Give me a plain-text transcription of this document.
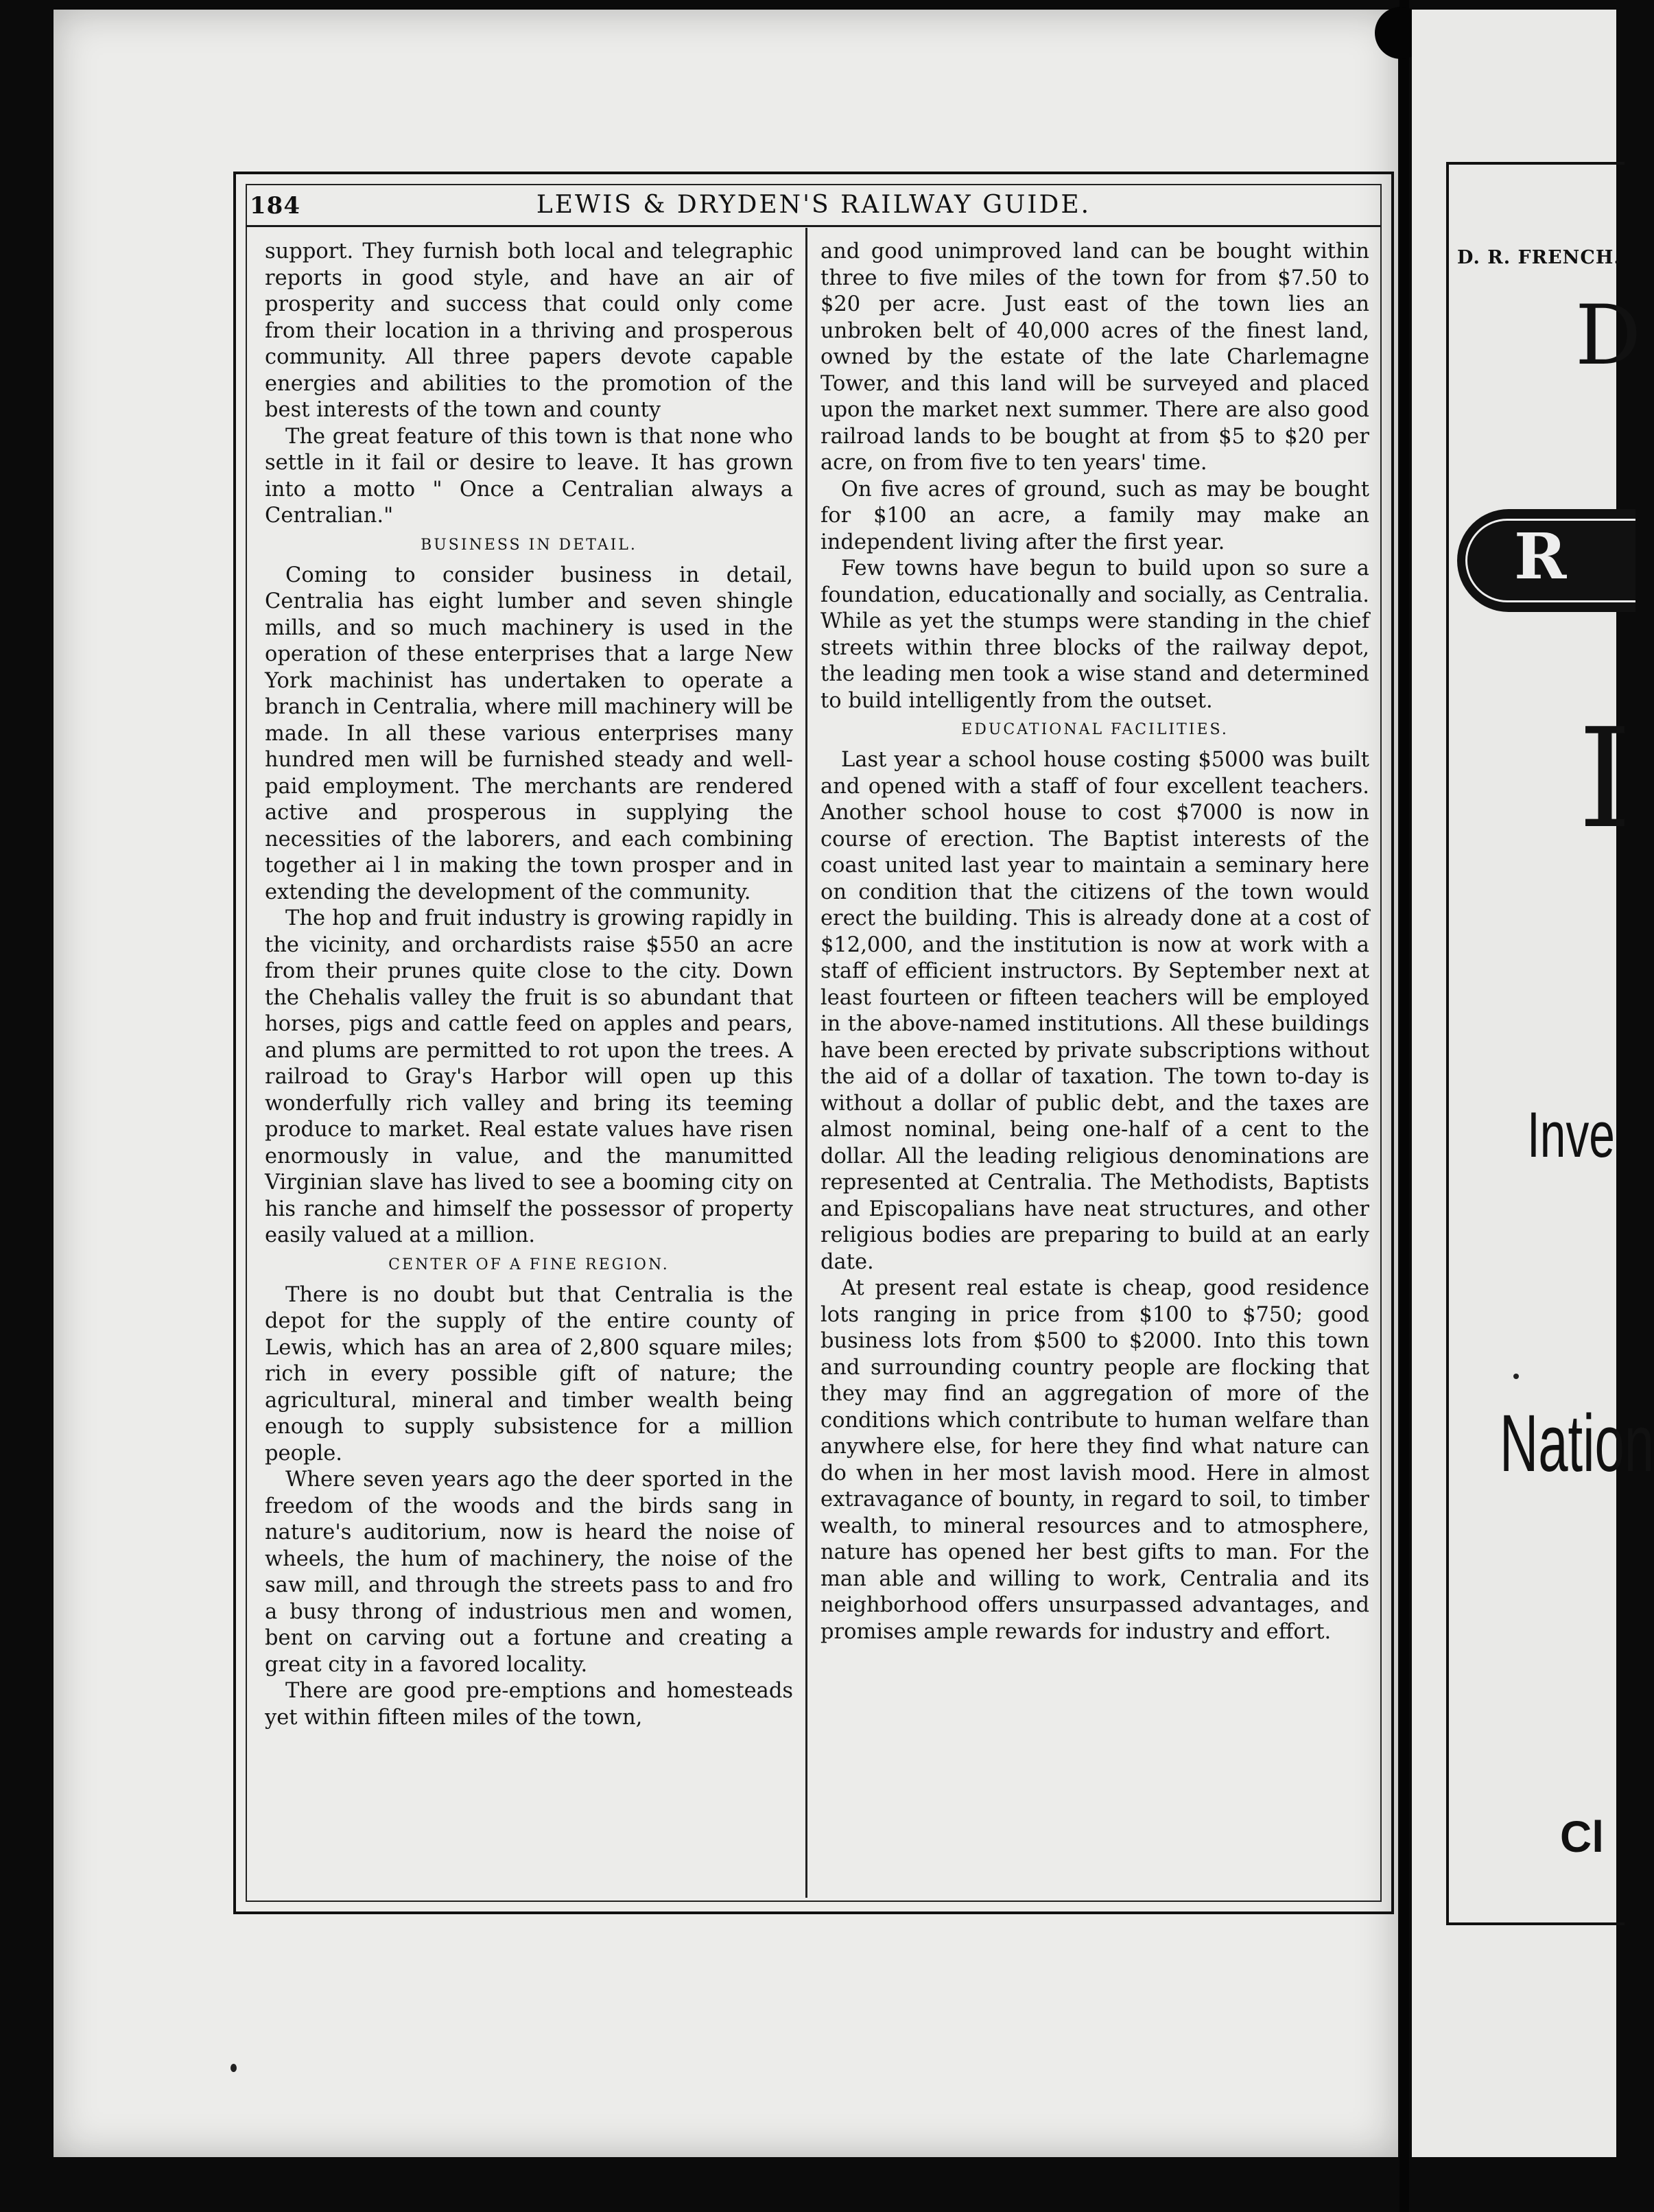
184	LEWIS & DRYDEN'S RAILWAY GUIDE.

support. They furnish both local and telegraphic reports in good style, and have an air of prosperity and success that could only come from their location in a thriving and prosperous community. All three papers devote capable energies and abilities to the promotion of the best interests of the town and county

The great feature of this town is that none who settle in it fail or desire to leave. It has grown into a motto " Once a Centralian always a Centralian."

BUSINESS IN DETAIL.

Coming to consider business in detail, Centralia has eight lumber and seven shingle mills, and so much machinery is used in the operation of these enterprises that a large New York machinist has undertaken to operate a branch in Centralia, where mill machinery will be made. In all these various enterprises many hundred men will be furnished steady and well-paid employment. The merchants are rendered active and prosperous in supplying the necessities of the laborers, and each combining together ai l in making the town prosper and in extending the development of the community.

The hop and fruit industry is growing rapidly in the vicinity, and orchardists raise $550 an acre from their prunes quite close to the city. Down the Chehalis valley the fruit is so abundant that horses, pigs and cattle feed on apples and pears, and plums are permitted to rot upon the trees. A railroad to Gray's Harbor will open up this wonderfully rich valley and bring its teeming produce to market. Real estate values have risen enormously in value, and the manumitted Virginian slave has lived to see a booming city on his ranche and himself the possessor of property easily valued at a million.

CENTER OF A FINE REGION.

There is no doubt but that Centralia is the depot for the supply of the entire county of Lewis, which has an area of 2,800 square miles; rich in every possible gift of nature; the agricultural, mineral and timber wealth being enough to supply subsistence for a million people.

Where seven years ago the deer sported in the freedom of the woods and the birds sang in nature's auditorium, now is heard the noise of wheels, the hum of machinery, the noise of the saw mill, and through the streets pass to and fro a busy throng of industrious men and women, bent on carving out a fortune and creating a great city in a favored locality.

There are good pre-emptions and homesteads yet within fifteen miles of the town,

and good unimproved land can be bought within three to five miles of the town for from $7.50 to $20 per acre. Just east of the town lies an unbroken belt of 40,000 acres of the finest land, owned by the estate of the late Charlemagne Tower, and this land will be surveyed and placed upon the market next summer. There are also good railroad lands to be bought at from $5 to $20 per acre, on from five to ten years' time.

On five acres of ground, such as may be bought for $100 an acre, a family may make an independent living after the first year.

Few towns have begun to build upon so sure a foundation, educationally and socially, as Centralia. While as yet the stumps were standing in the chief streets within three blocks of the railway depot, the leading men took a wise stand and determined to build intelligently from the outset.

EDUCATIONAL FACILITIES.

Last year a school house costing $5000 was built and opened with a staff of four excellent teachers. Another school house to cost $7000 is now in course of erection. The Baptist interests of the coast united last year to maintain a seminary here on condition that the citizens of the town would erect the building. This is already done at a cost of $12,000, and the institution is now at work with a staff of efficient instructors. By September next at least fourteen or fifteen teachers will be employed in the above-named institutions. All these buildings have been erected by private subscriptions without the aid of a dollar of taxation. The town to-day is without a dollar of public debt, and the taxes are almost nominal, being one-half of a cent to the dollar. All the leading religious denominations are represented at Centralia. The Methodists, Baptists and Episcopalians have neat structures, and other religious bodies are preparing to build at an early date.

At present real estate is cheap, good residence lots ranging in price from $100 to $750; good business lots from $500 to $2000. Into this town and surrounding country people are flocking that they may find an aggregation of more of the conditions which contribute to human welfare than anywhere else, for here they find what nature can do when in her most lavish mood. Here in almost extravagance of bounty, in regard to soil, to timber wealth, to mineral resources and to atmosphere, nature has opened her best gifts to man. For the man able and willing to work, Centralia and its neighborhood offers unsurpassed advantages, and promises ample rewards for industry and effort.

D. R. FRENCH.
D
R
I
Inve
Nation
Cl
